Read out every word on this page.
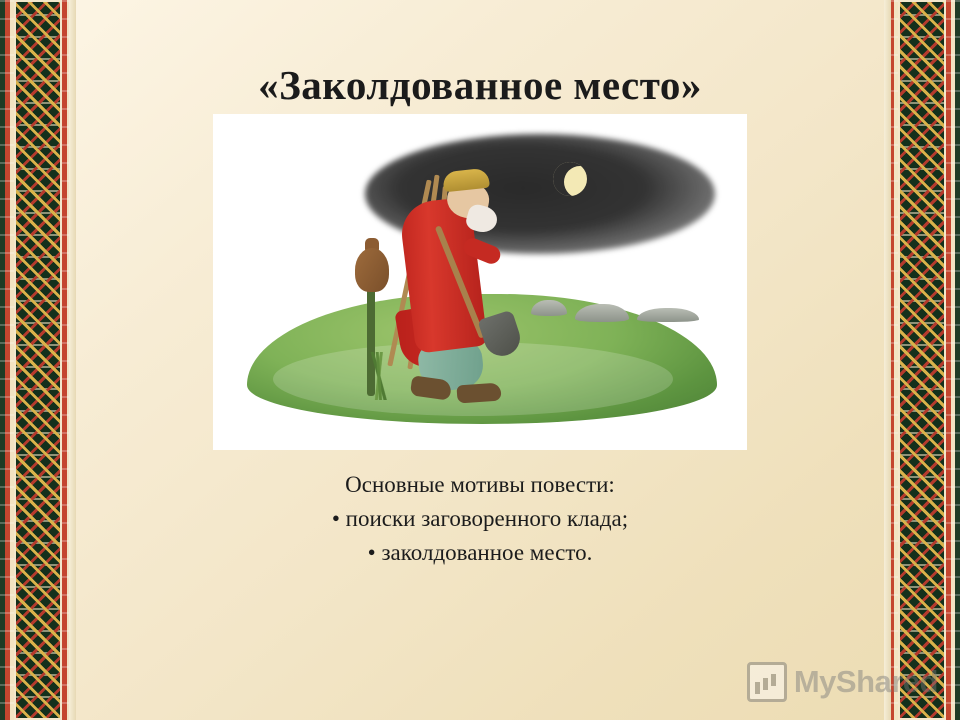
«Заколдованное место»
Основные мотивы повести:
• поиски заговоренного клада;
• заколдованное место.
MyShared
